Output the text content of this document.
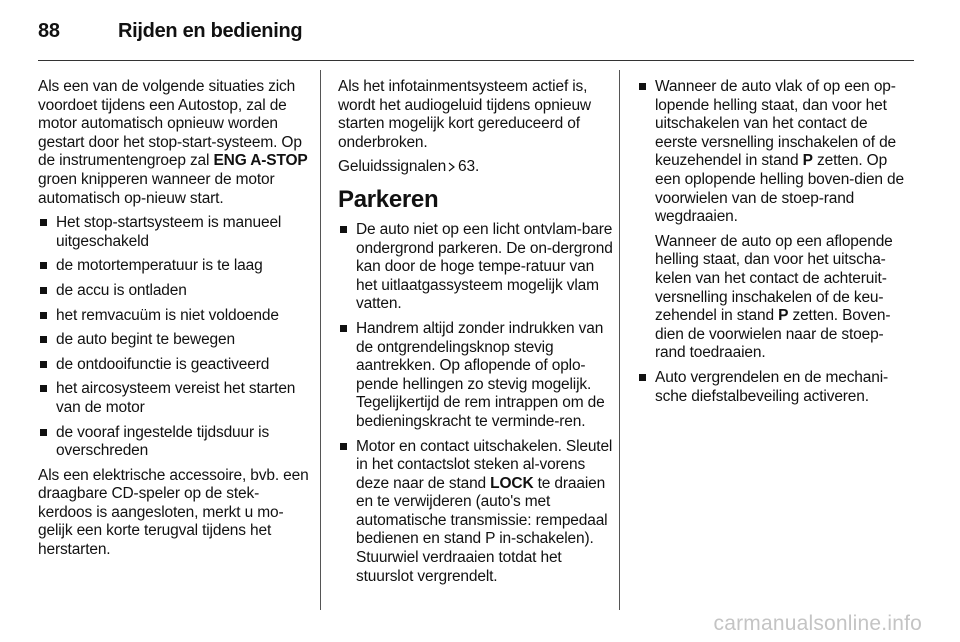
88	Rijden en bediening

Als een van de volgende situaties zich voordoet tijdens een Autostop, zal de motor automatisch opnieuw worden gestart door het stop-start-systeem. Op de instrumentengroep zal ENG A-STOP groen knipperen wanneer de motor automatisch op-nieuw start.

Het stop-startsysteem is manueel uitgeschakeld
de motortemperatuur is te laag
de accu is ontladen
het remvacuüm is niet voldoende
de auto begint te bewegen
de ontdooifunctie is geactiveerd
het aircosysteem vereist het starten van de motor
de vooraf ingestelde tijdsduur is overschreden

Als een elektrische accessoire, bvb. een draagbare CD-speler op de stek-kerdoos is aangesloten, merkt u mo-gelijk een korte terugval tijdens het herstarten.

Als het infotainmentsysteem actief is, wordt het audiogeluid tijdens opnieuw starten mogelijk kort gereduceerd of onderbroken.

Geluidssignalen 63.

Parkeren
De auto niet op een licht ontvlam-bare ondergrond parkeren. De on-dergrond kan door de hoge tempe-ratuur van het uitlaatgassysteem mogelijk vlam vatten.
Handrem altijd zonder indrukken van de ontgrendelingsknop stevig aantrekken. Op aflopende of oplo-pende hellingen zo stevig mogelijk. Tegelijkertijd de rem intrappen om de bedieningskracht te verminde-ren.
Motor en contact uitschakelen. Sleutel in het contactslot steken al-vorens deze naar de stand LOCK te draaien en te verwijderen (auto's met automatische transmissie: rempedaal bedienen en stand P in-schakelen). Stuurwiel verdraaien totdat het stuurslot vergrendelt.

Wanneer de auto vlak of op een op-lopende helling staat, dan voor het uitschakelen van het contact de eerste versnelling inschakelen of de keuzehendel in stand P zetten. Op een oplopende helling boven-dien de voorwielen van de stoep-rand wegdraaien.

Wanneer de auto op een aflopende helling staat, dan voor het uitscha-kelen van het contact de achteruit-versnelling inschakelen of de keu-zehendel in stand P zetten. Boven-dien de voorwielen naar de stoep-rand toedraaien.

Auto vergrendelen en de mechani-sche diefstalbeveiling activeren.
carmanualsonline.info
